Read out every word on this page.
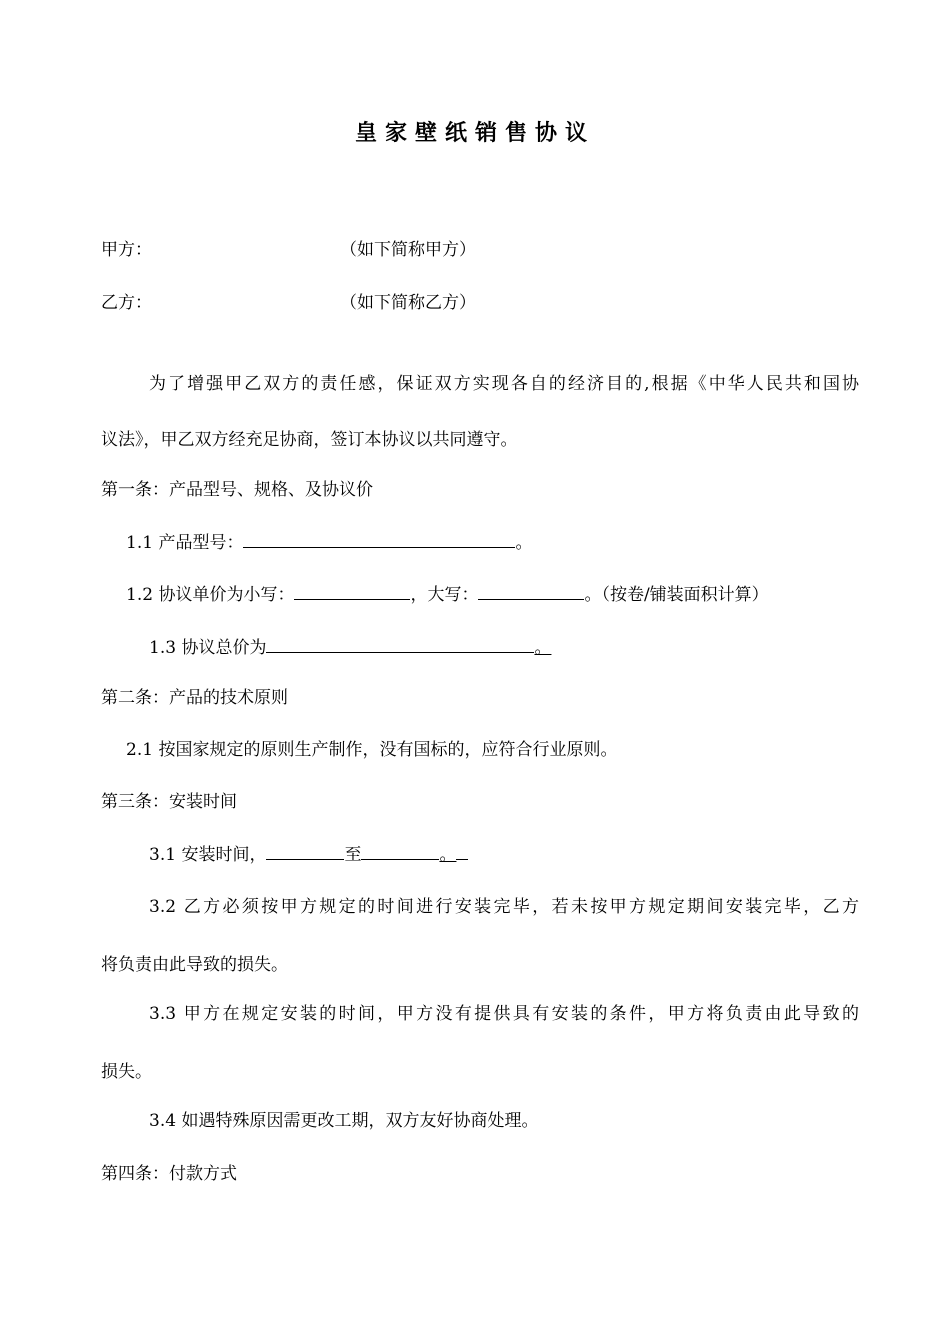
皇家壁纸销售协议
甲方：	（如下简称甲方）
乙方：	（如下简称乙方）
为了增强甲乙双方的责任感，保证双方实现各自的经济目的,根据《中华人民共和国协
议法》，甲乙双方经充足协商，签订本协议以共同遵守。
第一条：产品型号、规格、及协议价
1.1 产品型号：	。
1.2 协议单价为小写：	，大写：	。（按卷/铺装面积计算）
1.3 协议总价为	。
第二条：产品的技术原则
2.1 按国家规定的原则生产制作，没有国标的，应符合行业原则。
第三条：安装时间
3.1 安装时间，	至	。
3.2 乙方必须按甲方规定的时间进行安装完毕，若未按甲方规定期间安装完毕，乙方
将负责由此导致的损失。
3.3 甲方在规定安装的时间，甲方没有提供具有安装的条件，甲方将负责由此导致的
损失。
3.4 如遇特殊原因需更改工期，双方友好协商处理。
第四条：付款方式
